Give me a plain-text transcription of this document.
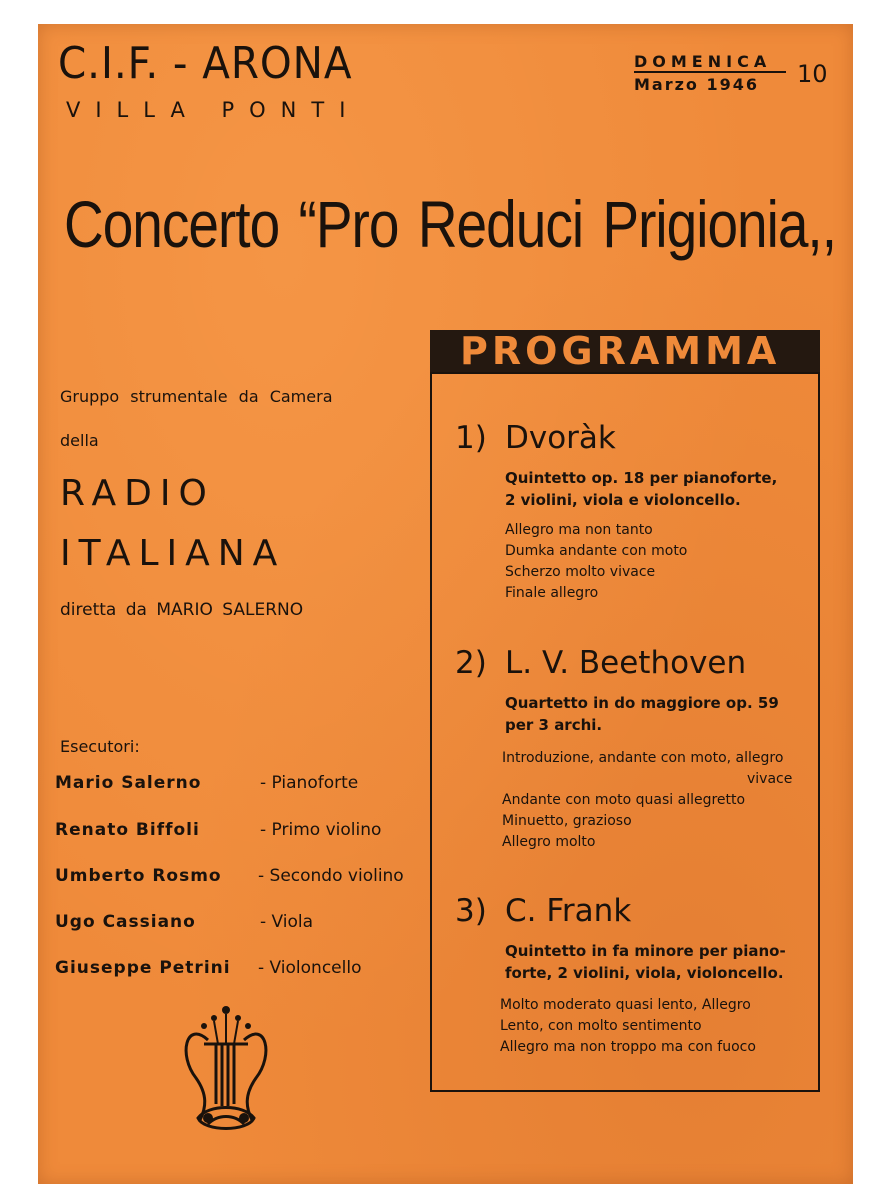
C.I.F. - ARONA
VILLA PONTI
DOMENICA
Marzo 1946 10
Concerto “Pro Reduci Prigionia,,
Gruppo strumentale da Camera
della
RADIO
ITALIANA
diretta da MARIO SALERNO
Esecutori:
Mario Salerno	- Pianoforte
Renato Biffoli	- Primo violino
Umberto Rosmo - Secondo violino
Ugo Cassiano	- Viola
Giuseppe Petrini - Violoncello
PROGRAMMA
1) Dvoràk
Quintetto op. 18 per pianoforte,
2 violini, viola e violoncello.
Allegro ma non tanto
Dumka andante con moto
Scherzo molto vivace
Finale allegro
2) L. V. Beethoven
Quartetto in do maggiore op. 59
per 3 archi.
Introduzione, andante con moto, allegro
vivace
Andante con moto quasi allegretto
Minuetto, grazioso
Allegro molto
3) C. Frank
Quintetto in fa minore per piano-
forte, 2 violini, viola, violoncello.
Molto moderato quasi lento, Allegro
Lento, con molto sentimento
Allegro ma non troppo ma con fuoco
